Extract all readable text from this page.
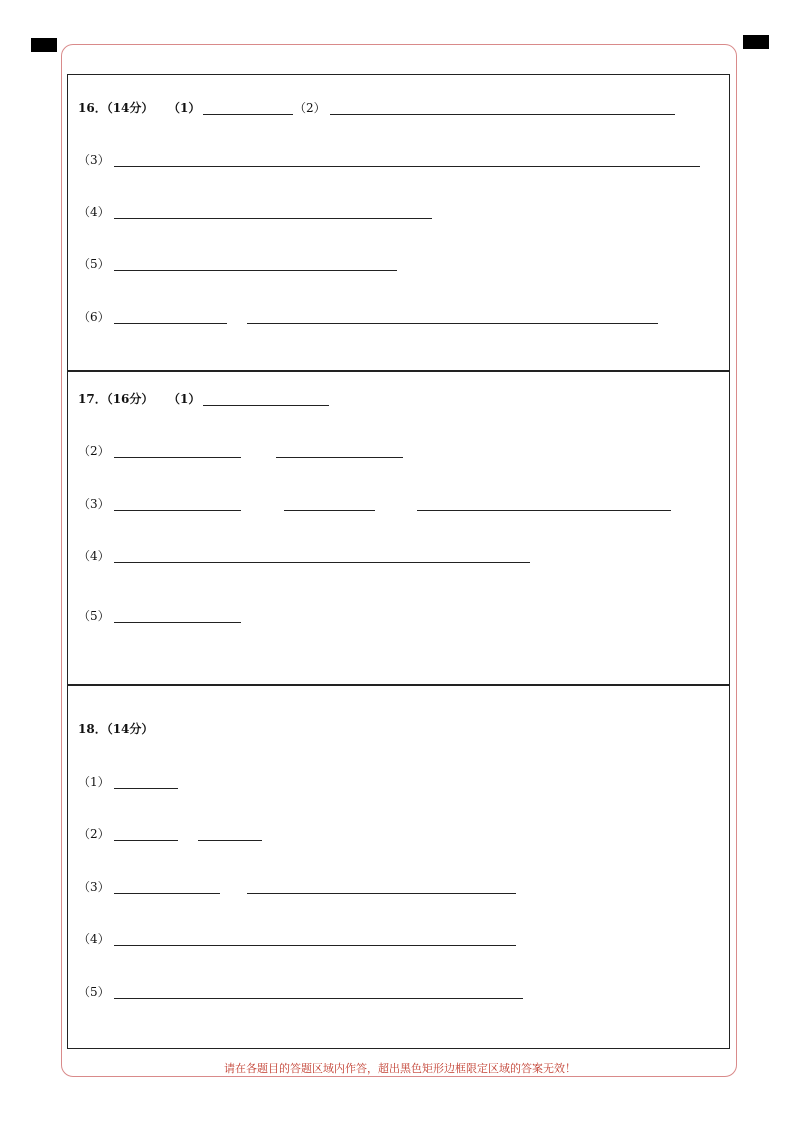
16．（14分） （1）	（2）
（3）
（4）
（5）
（6）
17．（16分） （1）
（2）
（3）
（4）
（5）
18．（14分）
（1）
（2）
（3）
（4）
（5）
请在各题目的答题区域内作答，超出黑色矩形边框限定区域的答案无效！
